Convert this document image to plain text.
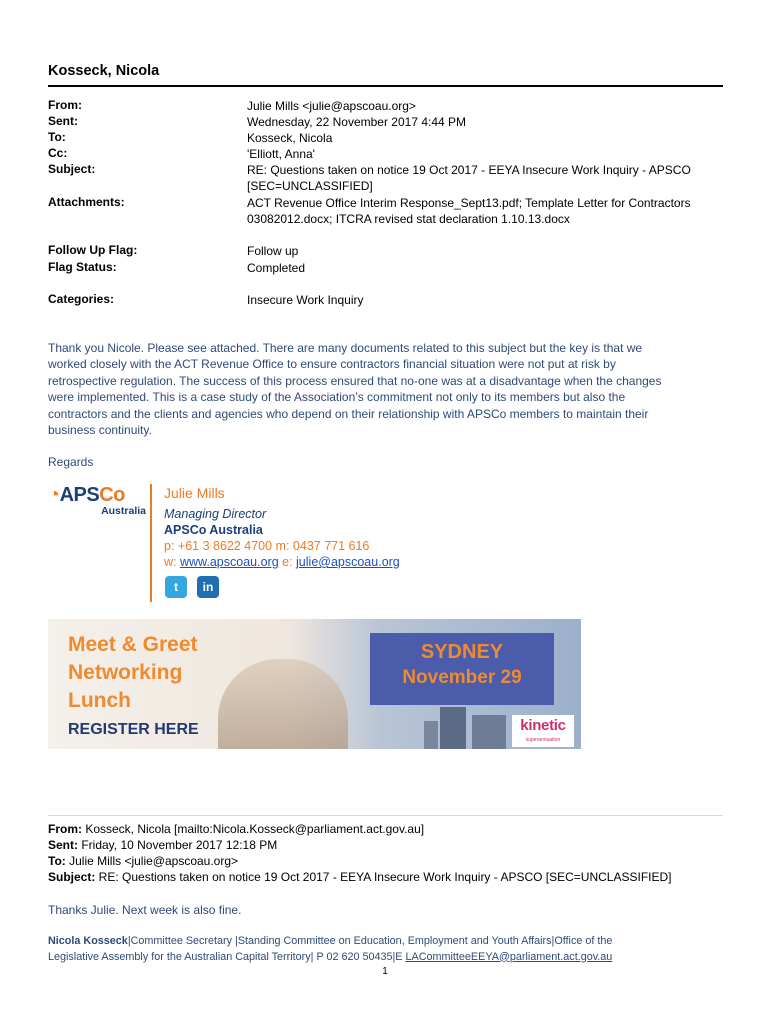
Kosseck, Nicola
From:	Julie Mills <julie@apscoau.org>
Sent:	Wednesday, 22 November 2017 4:44 PM
To:	Kosseck, Nicola
Cc:	'Elliott, Anna'
Subject:	RE: Questions taken on notice 19 Oct 2017 - EEYA Insecure Work Inquiry - APSCO
[SEC=UNCLASSIFIED]
Attachments:	ACT Revenue Office Interim Response_Sept13.pdf; Template Letter for Contractors
03082012.docx; ITCRA revised stat declaration 1.10.13.docx
Follow Up Flag:	Follow up
Flag Status:	Completed
Categories:	Insecure Work Inquiry
Thank you Nicole. Please see attached. There are many documents related to this subject but the key is that we
worked closely with the ACT Revenue Office to ensure contractors financial situation were not put at risk by
retrospective regulation. The success of this process ensured that no-one was at a disadvantage when the changes
were implemented. This is a case study of the Association’s commitment not only to its members but also the
contractors and the clients and agencies who depend on their relationship with APSCo members to maintain their
business continuity.
Regards
◔APSCo
Australia
Julie Mills
Managing Director
APSCo Australia
p: +61 3 8622 4700 m: 0437 771 616
w: www.apscoau.org e: julie@apscoau.org
t	in
Meet & Greet
Networking
Lunch
REGISTER HERE
SYDNEY
November 29
kinetic
superannuation
From: Kosseck, Nicola [mailto:Nicola.Kosseck@parliament.act.gov.au]
Sent: Friday, 10 November 2017 12:18 PM
To: Julie Mills <julie@apscoau.org>
Subject: RE: Questions taken on notice 19 Oct 2017 - EEYA Insecure Work Inquiry - APSCO [SEC=UNCLASSIFIED]
Thanks Julie. Next week is also fine.
Nicola Kosseck|Committee Secretary |Standing Committee on Education, Employment and Youth Affairs|Office of the
Legislative Assembly for the Australian Capital Territory| P 02 620 50435|E LACommitteeEEYA@parliament.act.gov.au
1
